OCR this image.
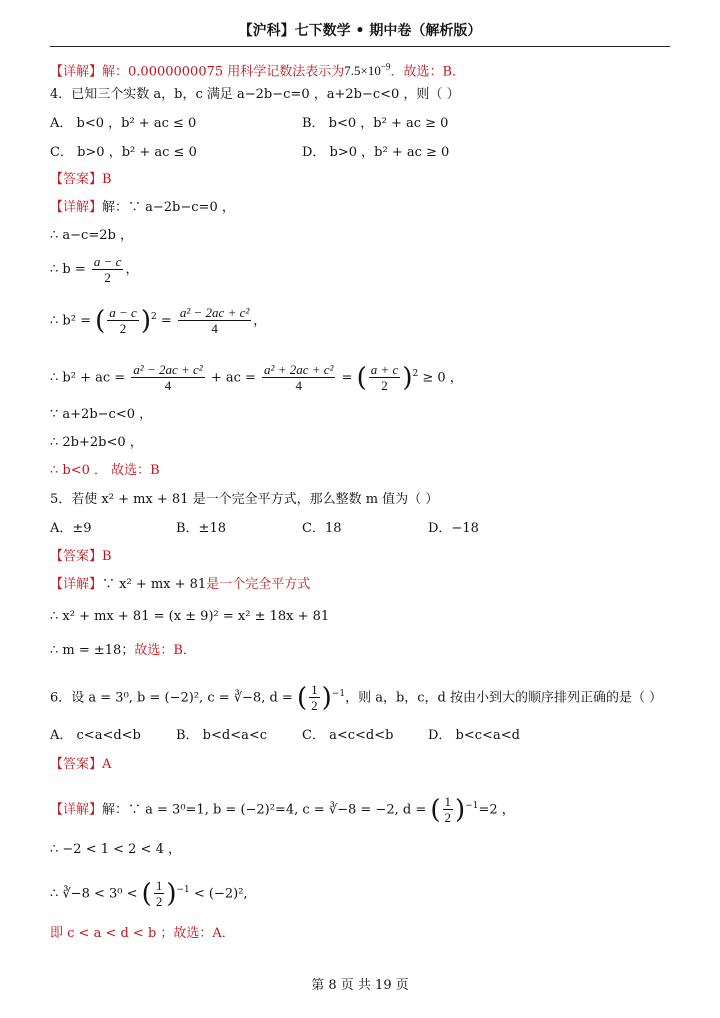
【沪科】七下数学 • 期中卷（解析版）
【详解】解：0.0000000075 用科学记数法表示为$7.5\times 10^{-9}$．故选：B．
4．已知三个实数 a，b，c 满足 a−2b−c=0 ，a+2b−c<0 ，则（ ）
A． b<0 ，b² + ac ≤ 0	B． b<0 ，b² + ac ≥ 0
C． b>0 ，b² + ac ≤ 0	D． b>0 ，b² + ac ≥ 0
【答案】B
【详解】解：∵ a−2b−c=0 ，
∴ a−c=2b ，
∴ $b = \frac{a - c}{2}$ ，
∴ b² = ( $\frac{a - c}{2} )^2 = \frac{\text{a² − 2ac + c²}}{4}$ ，
∴ b² + ac = $\frac{\text{a² − 2ac + c²}}{4}$ + ac = $\frac{\text{a² + 2ac + c²}}{4}$ = ( $\frac{a + c}{2} )^2 \ge 0$ ，
∵ a+2b−c<0 ，
∴ 2b+2b<0 ，
∴ b<0 ． 故选：B
5．若使 x² + mx + 81 是一个完全平方式，那么整数 m 值为（ ）
A．±9	B．±18	C．18	D．−18
【答案】B
【详解】∵ x² + mx + 81是一个完全平方式
∴ x² + mx + 81 = (x ± 9)² = x² ± 18x + 81
∴ m = ±18；故选：B．
6．设 a = 3⁰, b = (−2)², c = ∛−8, d = ( $\frac{1}{2} )^{-1}$，则 a，b，c，d 按由小到大的顺序排列正确的是（ ）
A． c<a<d<b	B． b<d<a<c	C． a<c<d<b	D． b<c<a<d
【答案】A
【详解】解：∵ a = 3⁰=1, b = (−2)²=4, c = ∛−8 = −2, d = ( $\frac{1}{2} )^{-1}=2$ ，
∴ −2 < 1 < 2 < 4 ，
∴ ∛−8 < 3⁰ < ( $\frac{1}{2} )^{-1} < (-2)^2$,
即 c < a < d < b ；故选：A．
第 8 页 共 19 页
